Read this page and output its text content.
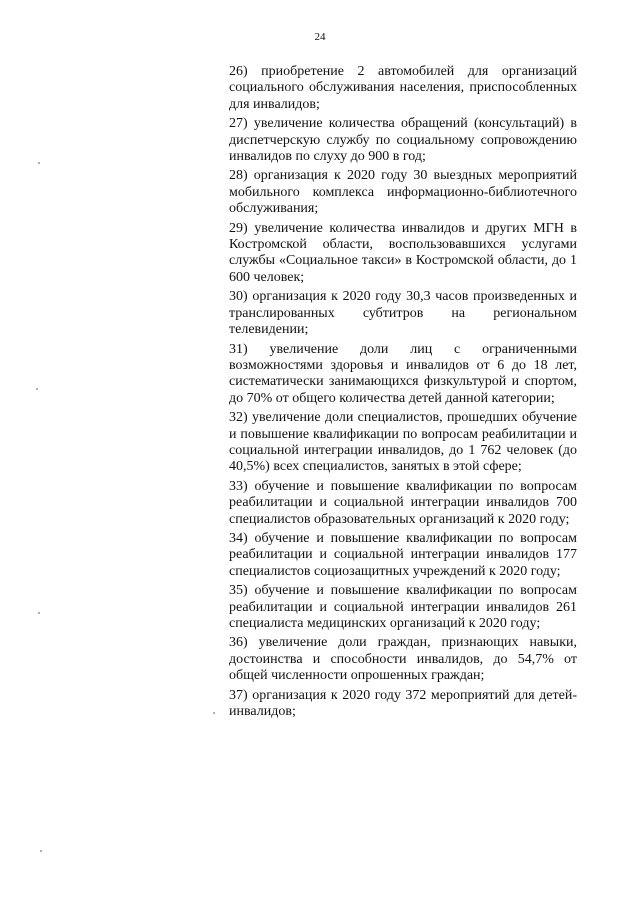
24

26) приобретение 2 автомобилей для организаций социального обслуживания населения, приспособленных для инвалидов;

27) увеличение количества обращений (консультаций) в диспетчерскую службу по социальному сопровождению инвалидов по слуху до 900 в год;

28) организация к 2020 году 30 выездных мероприятий мобильного комплекса информационно-библиотечного обслуживания;

29) увеличение количества инвалидов и других МГН в Костромской области, воспользовавшихся услугами службы «Социальное такси» в Костромской области, до 1 600 человек;

30) организация к 2020 году 30,3 часов произведенных и транслированных субтитров на региональном телевидении;

31) увеличение доли лиц с ограниченными возможностями здоровья и инвалидов от 6 до 18 лет, систематически занимающихся физкультурой и спортом, до 70% от общего количества детей данной категории;

32) увеличение доли специалистов, прошедших обучение и повышение квалификации по вопросам реабилитации и социальной интеграции инвалидов, до 1 762 человек (до 40,5%) всех специалистов, занятых в этой сфере;

33) обучение и повышение квалификации по вопросам реабилитации и социальной интеграции инвалидов 700 специалистов образовательных организаций к 2020 году;

34) обучение и повышение квалификации по вопросам реабилитации и социальной интеграции инвалидов 177 специалистов социозащитных учреждений к 2020 году;

35) обучение и повышение квалификации по вопросам реабилитации и социальной интеграции инвалидов 261 специалиста медицинских организаций к 2020 году;

36) увеличение доли граждан, признающих навыки, достоинства и способности инвалидов, до 54,7% от общей численности опрошенных граждан;

37) организация к 2020 году 372 мероприятий для детей-инвалидов;
